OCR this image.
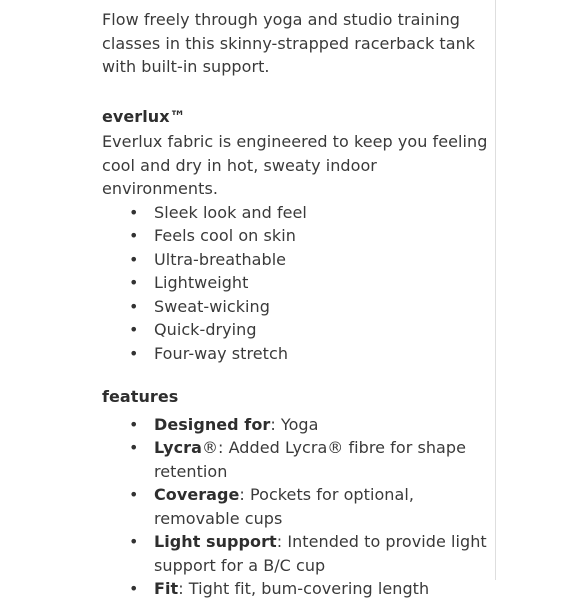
Flow freely through yoga and studio training classes in this skinny-strapped racerback tank with built-in support.

everlux™

Everlux fabric is engineered to keep you feeling cool and dry in hot, sweaty indoor environments.

• Sleek look and feel
• Feels cool on skin
• Ultra-breathable
• Lightweight
• Sweat-wicking
• Quick-drying
• Four-way stretch

features

• Designed for: Yoga
• Lycra®: Added Lycra® fibre for shape retention
• Coverage: Pockets for optional, removable cups
• Light support: Intended to provide light support for a B/C cup
• Fit: Tight fit, bum-covering length
